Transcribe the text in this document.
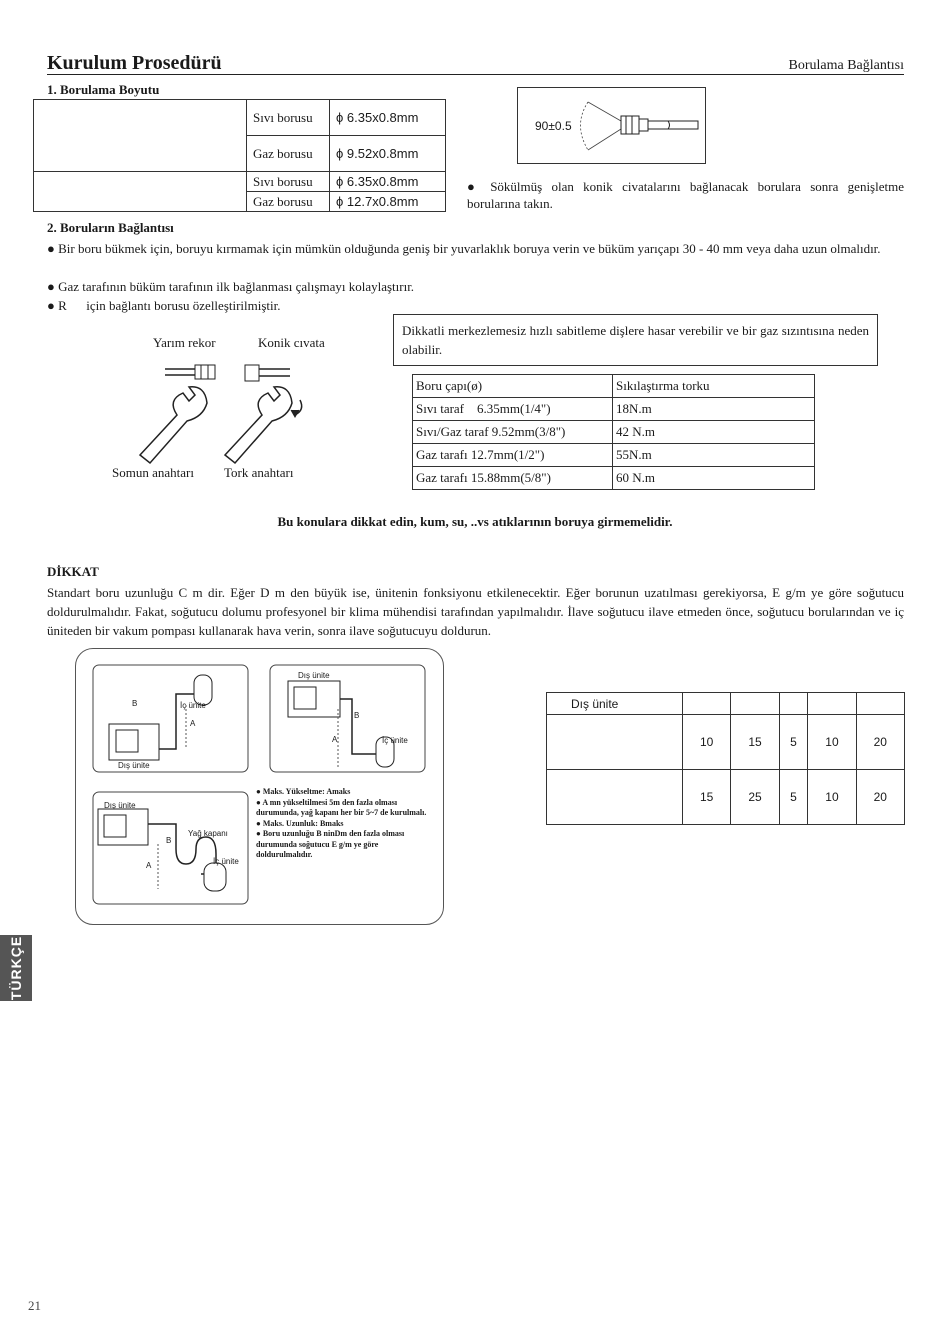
Kurulum Prosedürü	Borulama Bağlantısı
1. Borulama Boyutu
	Sıvı borusu	ϕ 6.35x0.8mm
	Gaz borusu	ϕ 9.52x0.8mm
	Sıvı borusu	ϕ 6.35x0.8mm
	Gaz borusu	ϕ 12.7x0.8mm
90±0.5
● Sökülmüş olan konik civatalarını bağlanacak borulara sonra genişletme borularına takın.
2. Boruların Bağlantısı
● Bir boru bükmek için, boruyu kırmamak için mümkün olduğunda geniş bir yuvarlaklık boruya verin ve büküm yarıçapı 30 - 40 mm veya daha uzun olmalıdır.
● Gaz tarafının büküm tarafının ilk bağlanması çalışmayı kolaylaştırır.
● R      için bağlantı borusu özelleştirilmiştir.
Yarım rekor	Konik cıvata
Somun anahtarı Tork anahtarı
Dikkatli merkezlemesiz hızlı sabitleme dişlere hasar verebilir ve bir gaz sızıntısına neden olabilir.
Boru çapı(ø)	Sıkılaştırma torku
Sıvı taraf    6.35mm(1/4")	18N.m
Sıvı/Gaz taraf 9.52mm(3/8")	42 N.m
Gaz tarafı 12.7mm(1/2")	55N.m
Gaz tarafı 15.88mm(5/8")	60 N.m
Bu konulara dikkat edin, kum, su, ..vs atıklarının boruya girmemelidir.
DİKKAT
Standart boru uzunluğu C m dir. Eğer D m den büyük ise, ünitenin fonksiyonu etkilenecektir. Eğer borunun uzatılması gerekiyorsa, E g/m ye göre soğutucu doldurulmalıdır. Fakat, soğutucu dolumu profesyonel bir klima mühendisi tarafından yapılmalıdır. İlave soğutucu ilave etmeden önce, soğutucu borularından ve iç üniteden bir vakum pompası kullanarak hava verin, sonra ilave soğutucuyu doldurun.
B	İç ünite
A
Dış ünite
Dış ünite
B
A	İç ünite
Dış ünite
Yağ kapanı
B
İç ünite
A
● Maks. Yükseltme: Amaks
● A mn yükseltilmesi 5m den fazla olması durumunda, yağ kapanı her bir 5~7 de kurulmalı.
● Maks. Uzunluk: Bmaks
● Boru uzunluğu B ninDm den fazla olması durumunda soğutucu E g/m ye göre doldurulmalıdır.
Dış ünite					
	10	15	5	10	20
	15	25	5	10	20
TÜRKÇE
21
